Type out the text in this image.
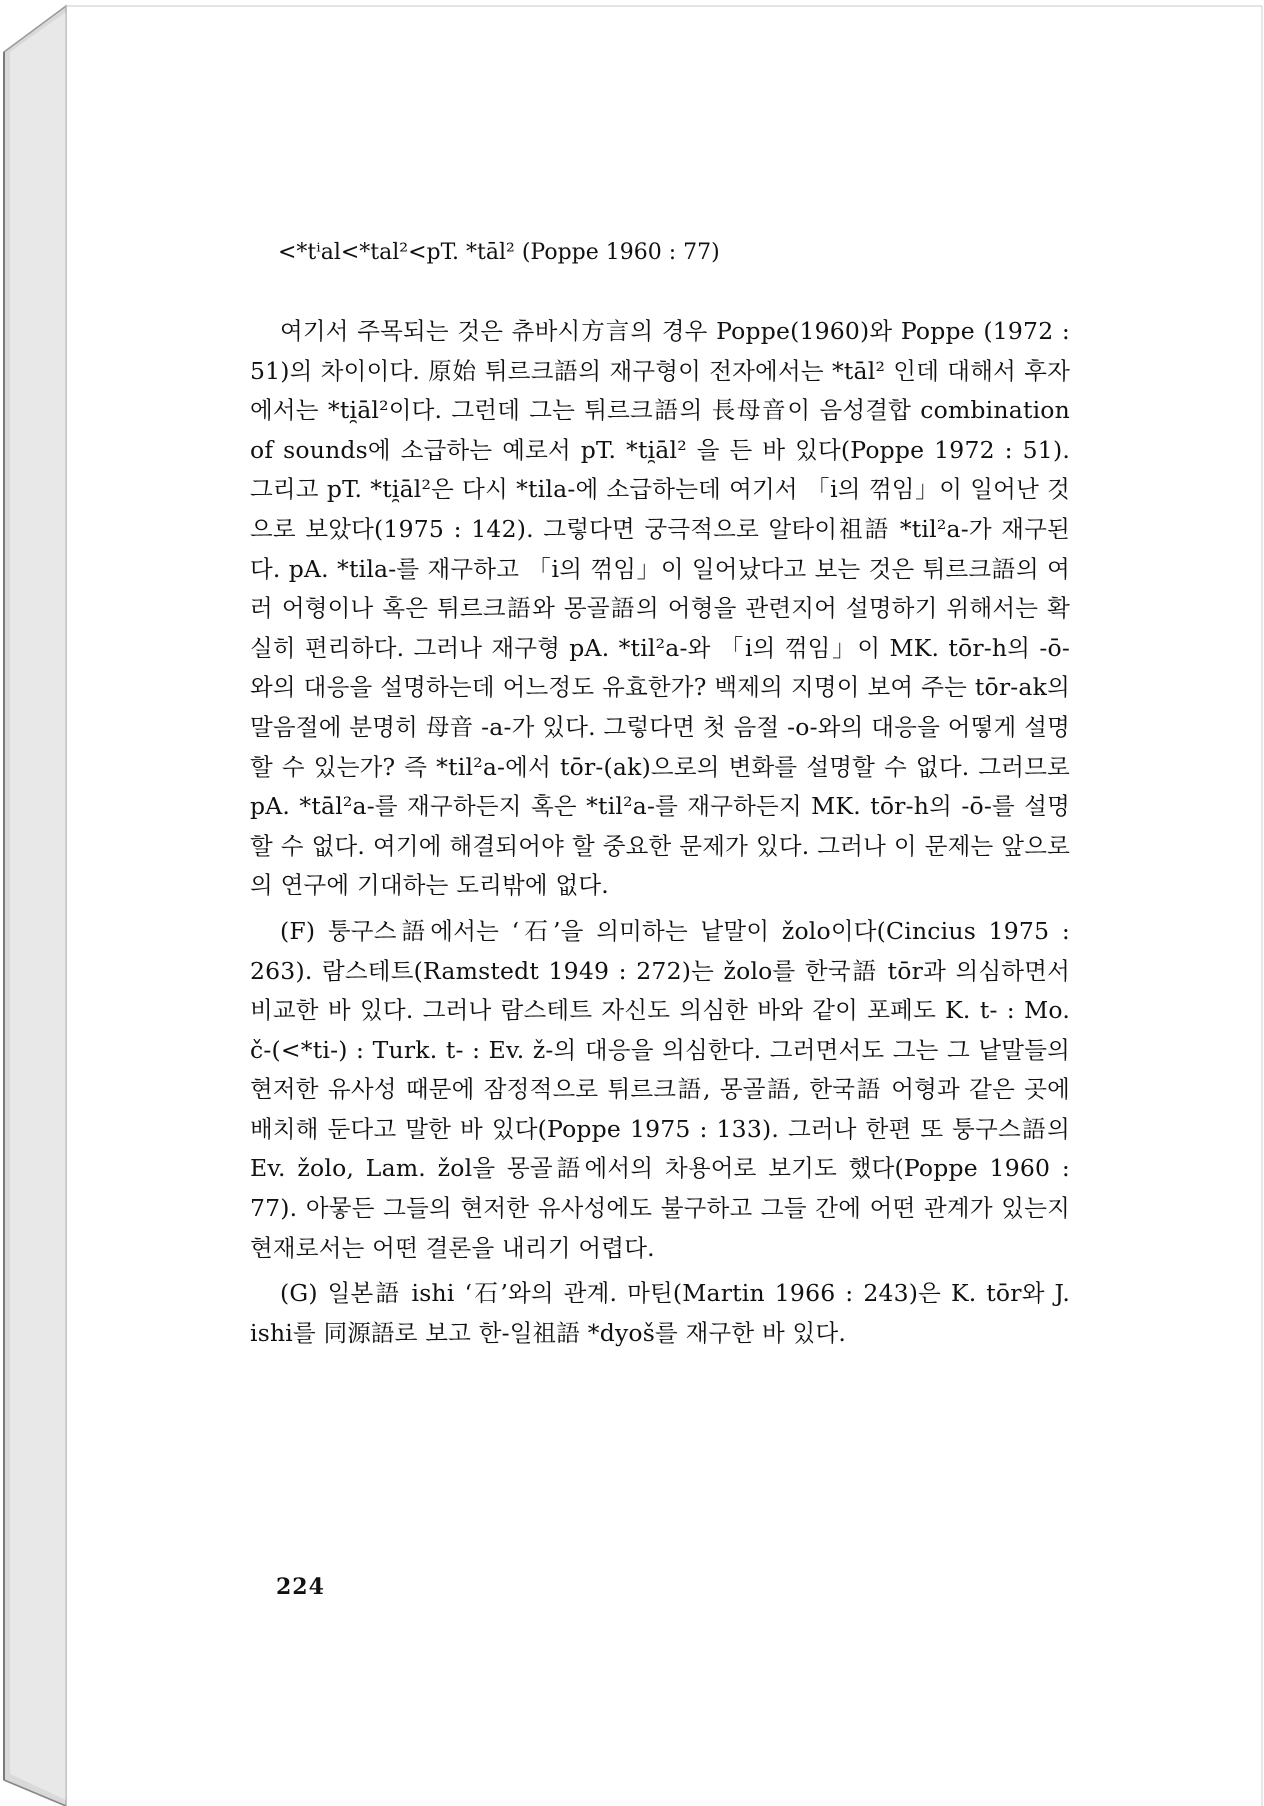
<*tⁱal<*tal²<pT. *tāl² (Poppe 1960 : 77)

여기서 주목되는 것은 츄바시方言의 경우 Poppe(1960)와 Poppe (1972 : 51)의 차이이다. 原始 튀르크語의 재구형이 전자에서는 *tāl² 인데 대해서 후자에서는 *ti̯āl²이다. 그런데 그는 튀르크語의 長母音이 음성결합 combination of sounds에 소급하는 예로서 pT. *ti̯āl² 을 든 바 있다(Poppe 1972 : 51). 그리고 pT. *ti̯āl²은 다시 *tila-에 소급하는데 여기서 「i의 꺾임」이 일어난 것으로 보았다(1975 : 142). 그렇다면 궁극적으로 알타이祖語 *til²a-가 재구된다. pA. *tila-를 재구하고 「i의 꺾임」이 일어났다고 보는 것은 튀르크語의 여러 어형이나 혹은 튀르크語와 몽골語의 어형을 관련지어 설명하기 위해서는 확실히 편리하다. 그러나 재구형 pA. *til²a-와 「i의 꺾임」이 MK. tōr-h의 -ō-와의 대응을 설명하는데 어느정도 유효한가? 백제의 지명이 보여 주는 tōr-ak의 말음절에 분명히 母音 -a-가 있다. 그렇다면 첫 음절 -o-와의 대응을 어떻게 설명할 수 있는가? 즉 *til²a-에서 tōr-(ak)으로의 변화를 설명할 수 없다. 그러므로 pA. *tāl²a-를 재구하든지 혹은 *til²a-를 재구하든지 MK. tōr-h의 -ō-를 설명할 수 없다. 여기에 해결되어야 할 중요한 문제가 있다. 그러나 이 문제는 앞으로의 연구에 기대하는 도리밖에 없다.

(F) 퉁구스語에서는 ‘石’을 의미하는 낱말이 žolo이다(Cincius 1975 : 263). 람스테트(Ramstedt 1949 : 272)는 žolo를 한국語 tōr과 의심하면서 비교한 바 있다. 그러나 람스테트 자신도 의심한 바와 같이 포페도 K. t- : Mo. č-(<*ti-) : Turk. t- : Ev. ž-의 대응을 의심한다. 그러면서도 그는 그 낱말들의 현저한 유사성 때문에 잠정적으로 튀르크語, 몽골語, 한국語 어형과 같은 곳에 배치해 둔다고 말한 바 있다(Poppe 1975 : 133). 그러나 한편 또 퉁구스語의 Ev. žolo, Lam. žol을 몽골語에서의 차용어로 보기도 했다(Poppe 1960 : 77). 아뭏든 그들의 현저한 유사성에도 불구하고 그들 간에 어떤 관계가 있는지 현재로서는 어떤 결론을 내리기 어렵다.

(G) 일본語 ishi ‘石’와의 관계. 마틴(Martin 1966 : 243)은 K. tōr와 J. ishi를 同源語로 보고 한-일祖語 *dyoš를 재구한 바 있다.

224
